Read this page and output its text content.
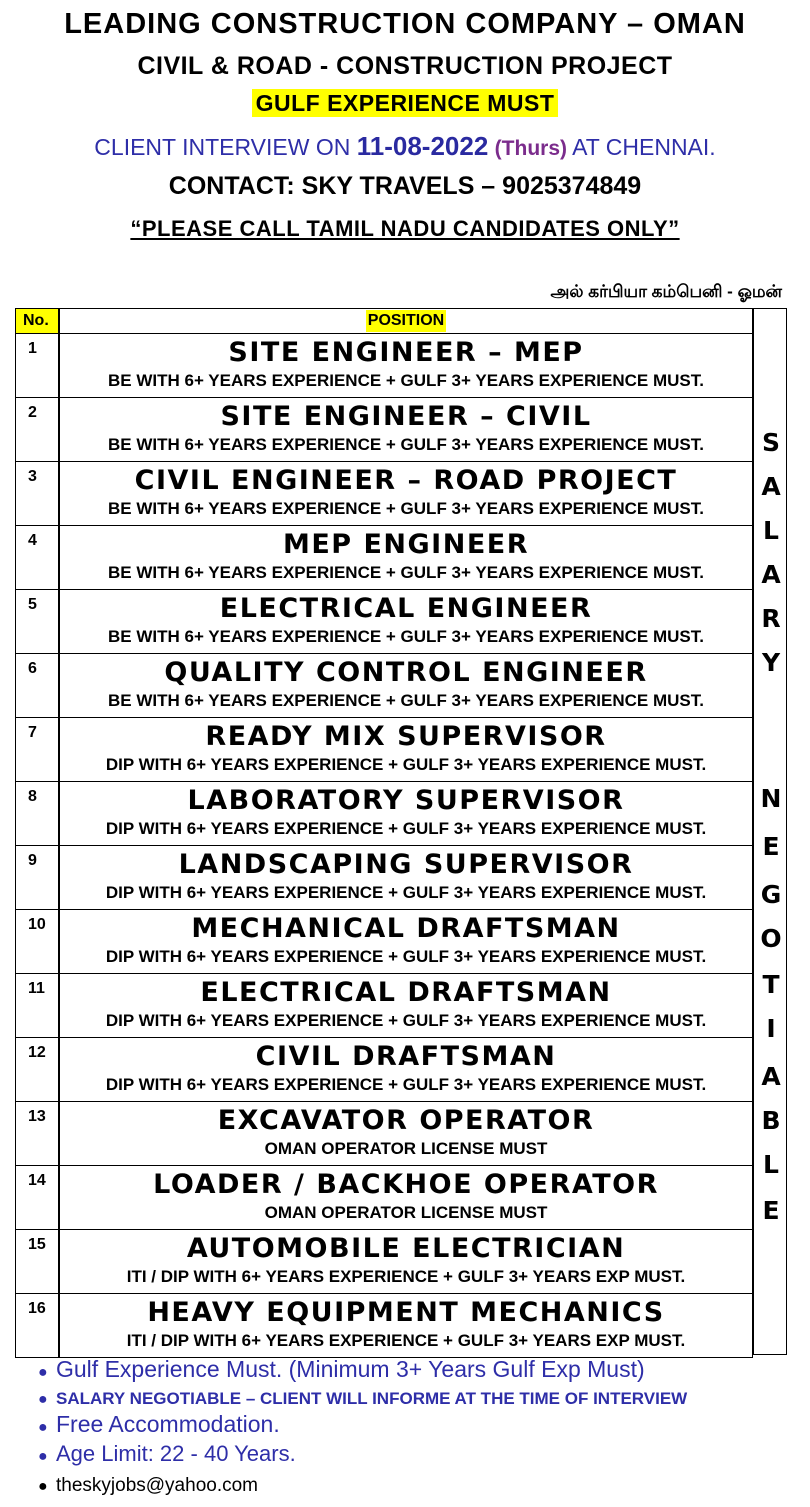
LEADING CONSTRUCTION COMPANY – OMAN
CIVIL & ROAD - CONSTRUCTION PROJECT
GULF EXPERIENCE MUST
CLIENT INTERVIEW ON 11-08-2022 (Thurs) AT CHENNAI.
CONTACT: SKY TRAVELS – 9025374849
“PLEASE CALL TAMIL NADU CANDIDATES ONLY”
அல் கர்பியா கம்பெனி - ஓமன்
No.	POSITION
1	SITE ENGINEER – MEP
BE WITH 6+ YEARS EXPERIENCE + GULF 3+ YEARS EXPERIENCE MUST.
2	SITE ENGINEER – CIVIL
BE WITH 6+ YEARS EXPERIENCE + GULF 3+ YEARS EXPERIENCE MUST.
3	CIVIL ENGINEER – ROAD PROJECT
BE WITH 6+ YEARS EXPERIENCE + GULF 3+ YEARS EXPERIENCE MUST.
4	MEP ENGINEER
BE WITH 6+ YEARS EXPERIENCE + GULF 3+ YEARS EXPERIENCE MUST.
5	ELECTRICAL ENGINEER
BE WITH 6+ YEARS EXPERIENCE + GULF 3+ YEARS EXPERIENCE MUST.
6	QUALITY CONTROL ENGINEER
BE WITH 6+ YEARS EXPERIENCE + GULF 3+ YEARS EXPERIENCE MUST.
7	READY MIX SUPERVISOR
DIP WITH 6+ YEARS EXPERIENCE + GULF 3+ YEARS EXPERIENCE MUST.
8	LABORATORY SUPERVISOR
DIP WITH 6+ YEARS EXPERIENCE + GULF 3+ YEARS EXPERIENCE MUST.
9	LANDSCAPING SUPERVISOR
DIP WITH 6+ YEARS EXPERIENCE + GULF 3+ YEARS EXPERIENCE MUST.
10	MECHANICAL DRAFTSMAN
DIP WITH 6+ YEARS EXPERIENCE + GULF 3+ YEARS EXPERIENCE MUST.
11	ELECTRICAL DRAFTSMAN
DIP WITH 6+ YEARS EXPERIENCE + GULF 3+ YEARS EXPERIENCE MUST.
12	CIVIL DRAFTSMAN
DIP WITH 6+ YEARS EXPERIENCE + GULF 3+ YEARS EXPERIENCE MUST.
13	EXCAVATOR OPERATOR
OMAN OPERATOR LICENSE MUST
14	LOADER / BACKHOE OPERATOR
OMAN OPERATOR LICENSE MUST
15	AUTOMOBILE ELECTRICIAN
ITI / DIP WITH 6+ YEARS EXPERIENCE + GULF 3+ YEARS EXP MUST.
16	HEAVY EQUIPMENT MECHANICS
ITI / DIP WITH 6+ YEARS EXPERIENCE + GULF 3+ YEARS EXP MUST.
S
A
L
A
R
Y
N
E
G
O
T
I
A
B
L
E
● Gulf Experience Must. (Minimum 3+ Years Gulf Exp Must)
● SALARY NEGOTIABLE – CLIENT WILL INFORME AT THE TIME OF INTERVIEW
● Free Accommodation.
● Age Limit: 22 - 40 Years.
● theskyjobs@yahoo.com
